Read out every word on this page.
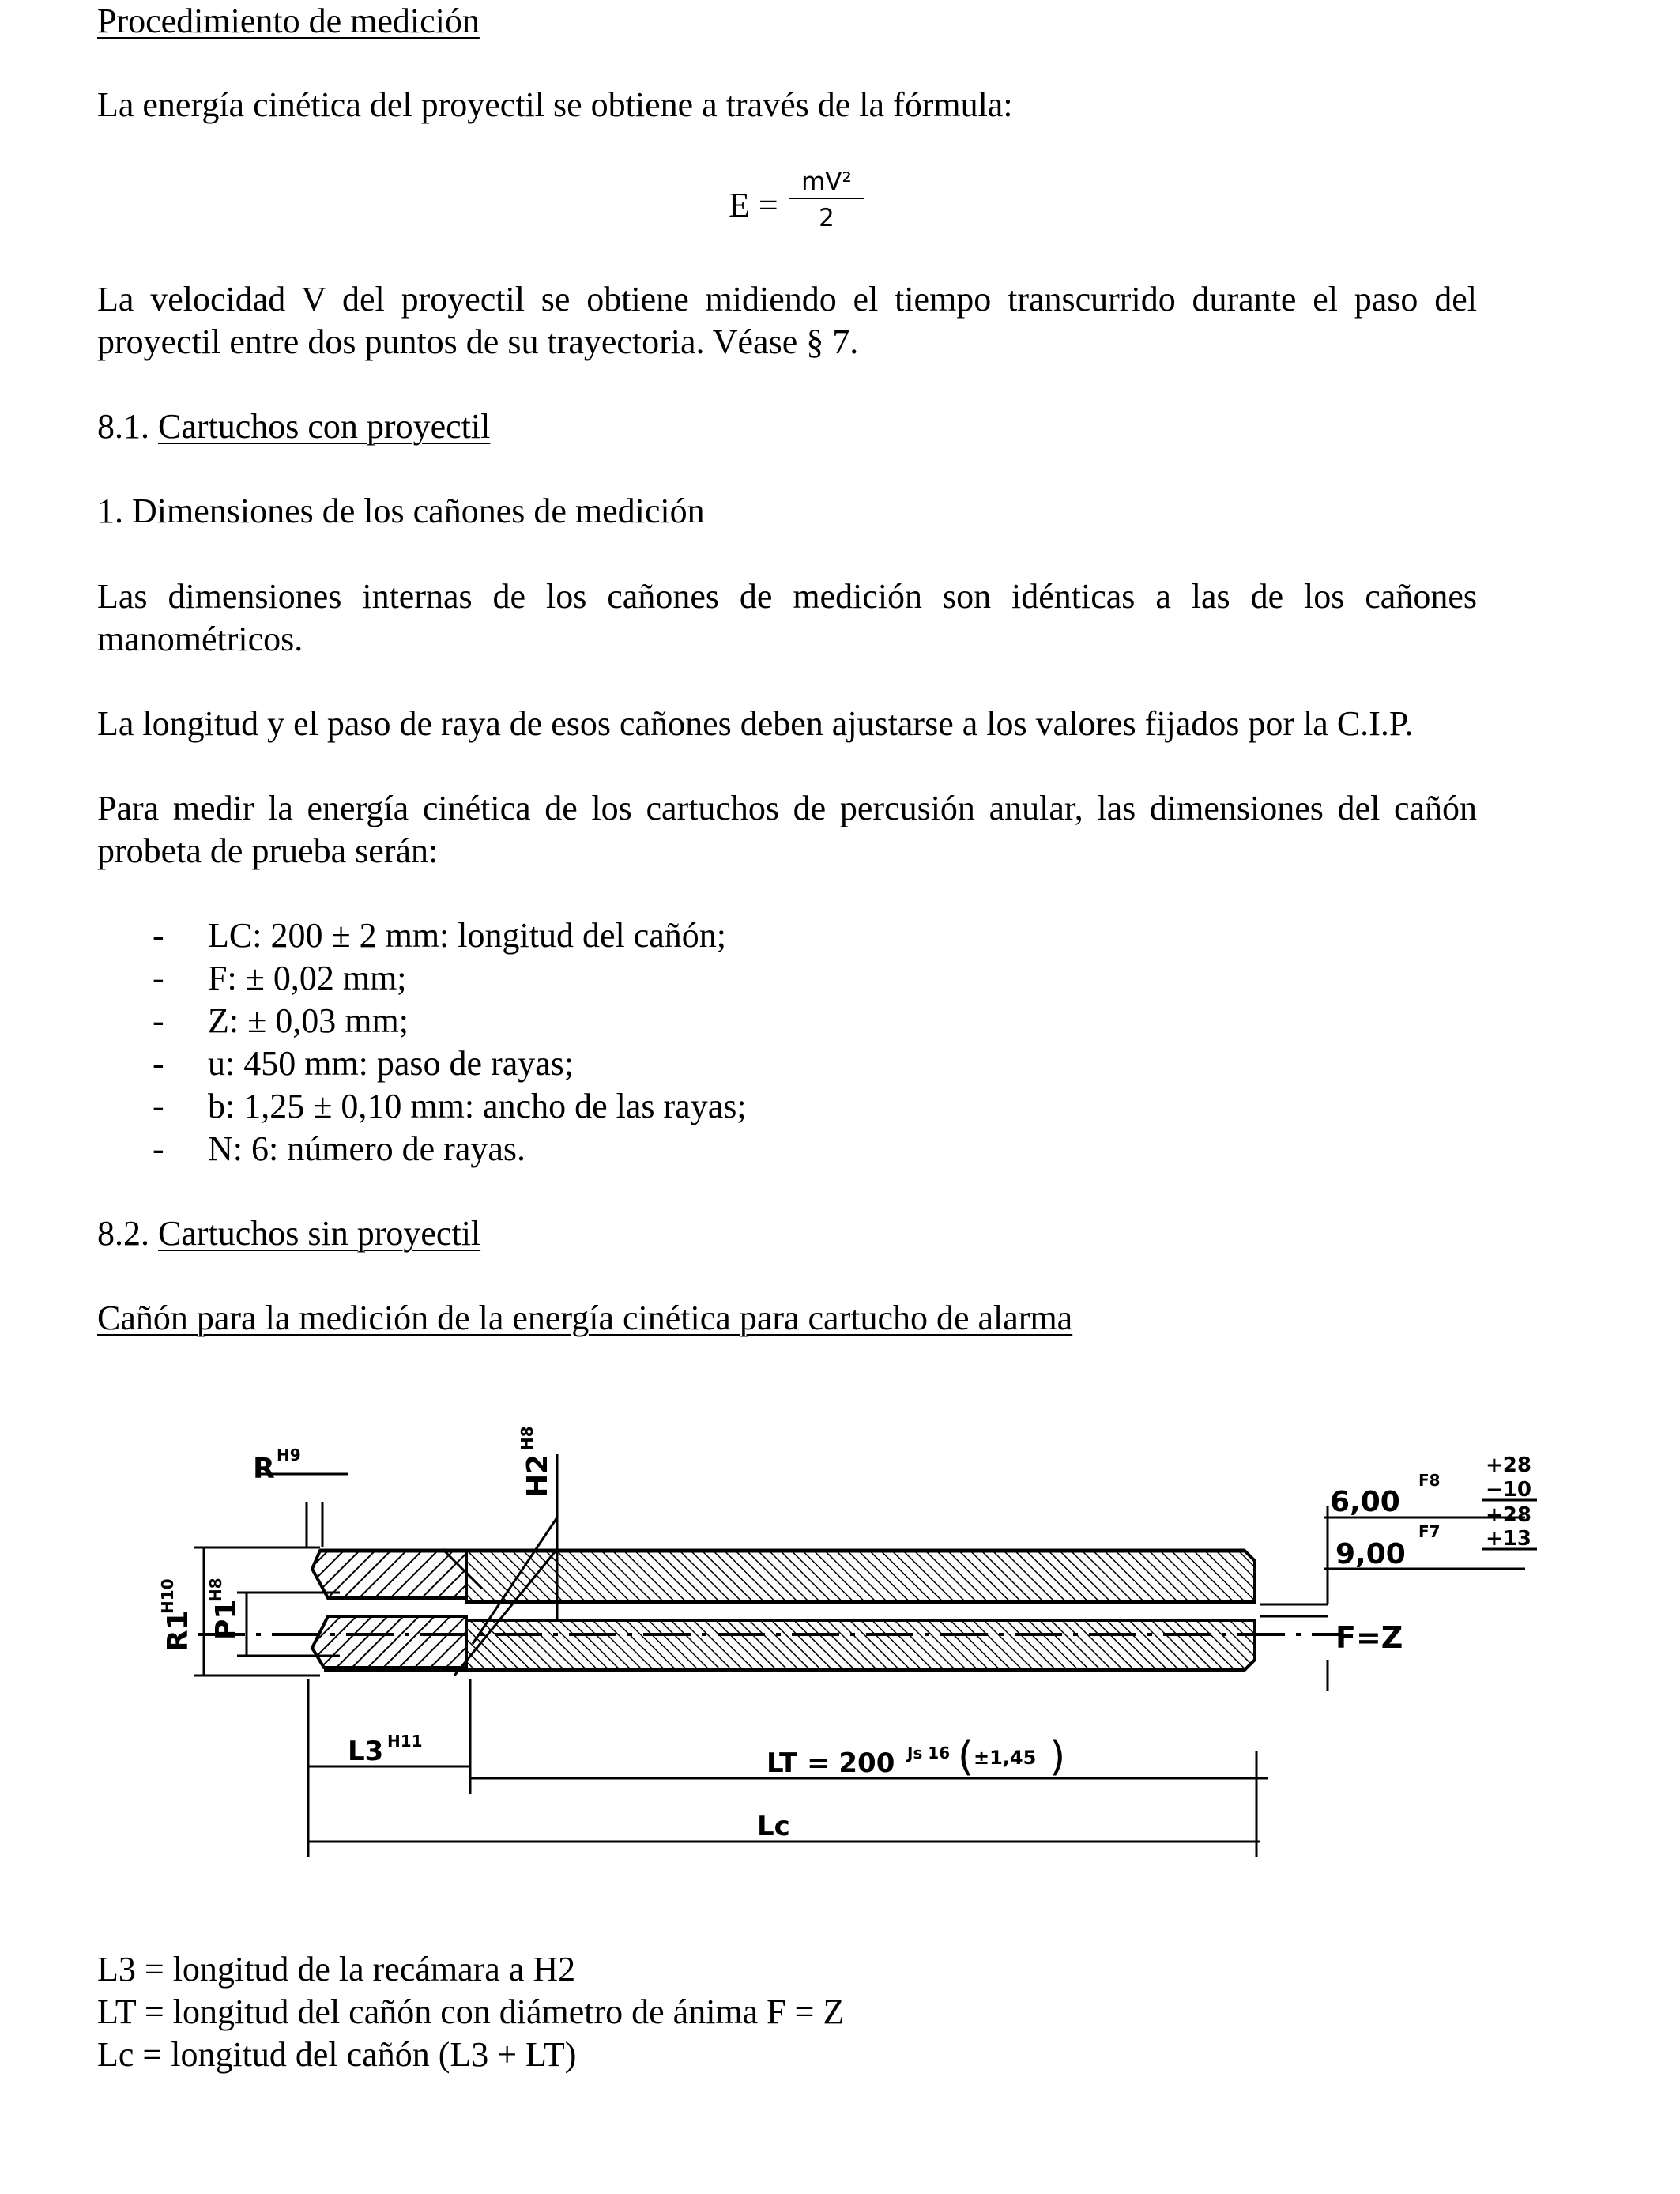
Procedimiento de medición
La energía cinética del proyectil se obtiene a través de la fórmula:
$E = \frac{\text{mV²}}{2}$
La velocidad V del proyectil se obtiene midiendo el tiempo transcurrido durante el paso del
proyectil entre dos puntos de su trayectoria. Véase § 7.
8.1. Cartuchos con proyectil
1. Dimensiones de los cañones de medición
Las dimensiones internas de los cañones de medición son idénticas a las de los cañones
manométricos.
La longitud y el paso de raya de esos cañones deben ajustarse a los valores fijados por la C.I.P.
Para medir la energía cinética de los cartuchos de percusión anular, las dimensiones del cañón
probeta de prueba serán:
- LC: 200 ± 2 mm: longitud del cañón;
- F: ± 0,02 mm;
- Z: ± 0,03 mm;
- u: 450 mm: paso de rayas;
- b: 1,25 ± 0,10 mm: ancho de las rayas;
- N: 6: número de rayas.
8.2. Cartuchos sin proyectil
Cañón para la medición de la energía cinética para cartucho de alarma
R H9	H2
H8
R1
H10
P1
H8
F=Z
6,00
F8
+28
−10
9,00
F7
+28
+13
L3 H11
LT = 200 Js 16 ±1,45
( )
Lc
L3 = longitud de la recámara a H2
LT = longitud del cañón con diámetro de ánima F = Z
Lc = longitud del cañón (L3 + LT)
